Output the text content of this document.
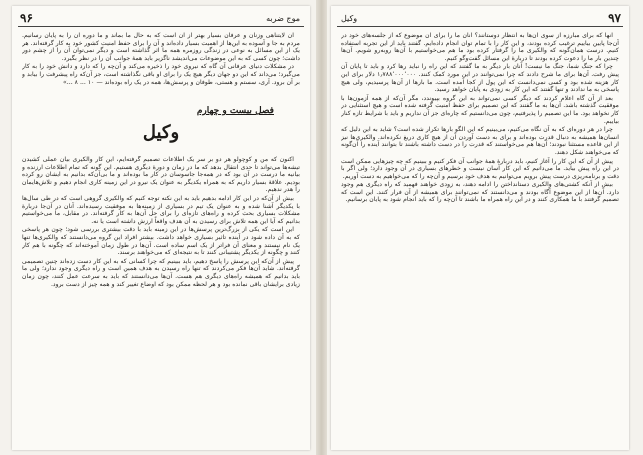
۹۶	موج ضربه

آن لایتناهی وزنان و عرفان بسیار بهتر از آن است که به حال ما بماند و ما دوره آن را به پایان رسانیم. مردم به جا و آسوده به این‌ها از اهمیت بسیار داده‌اند و آن را برای حفظ امنیت کشور خود به کار گرفته‌اند. هر یک از این مسائل به نوعی در زندگی روزمره همه ما اثر گذاشته است و دیگر نمی‌توان آن را از چشم دور داشت؛ چون کسی که به این موضوعات می‌اندیشد ناگزیر باید همهٔ جوانب آن را در نظر بگیرد.

در مشکلات دنیای عرفانی آن گاه که نیروی خود را ذخیره می‌کند و آن‌چه را که دارد و دانش خود را به کار می‌گیرد؛ می‌داند که این دو جهان دیگر هیچ یک را برای او باقی نگذاشته است، جز آن‌که راه پیشرفت را بیابد و بر آن برود. آری، سستم و هستی، طوفان و پرسش‌ها، همه در یک راه بوده‌اند — ۱۰ ... ۸ ...»

فصل بیست و چهارم
وکیل

اکنون که من و کوچولو هر دو بر سر یک اطلاعات تصمیم گرفته‌ایم، این کار والکیری بیان عملی کشیدن تیشه‌ها می‌تواند تا حدی انتقال بدهد که ما در زمان و دورهٔ دیگری هستیم. این گونه که تمام اطلاعات ارزنده و بیانیه ما درست در آن بود که در همه‌جا جاسوسان در کار ما بوده‌اند و ما بی‌آن‌که بدانیم به ایشان رو کرده بودیم. علاقهٔ بسیار داریم که به همراه یکدیگر به عنوان یک نیرو در این زمینه کاری انجام دهیم و تلاش‌هایمان را هدر ندهیم.

بیش از آن‌که در این کار ادامه بدهیم باید به این نکته توجه کنیم که والکیری گروهی است که در طی سال‌ها با یکدیگر آشنا شده و به عنوان یک تیم در بسیاری از زمینه‌ها به موفقیت رسیده‌اند. آنان در آن‌جا دربارهٔ مشکلات بسیاری بحث کرده و راه‌های تازه‌ای را برای حل آن‌ها به کار گرفته‌اند. در مقابل، ما می‌خواستیم بدانیم که آیا این همه تلاش برای رسیدن به آن هدف واقعاً ارزش داشته است یا نه.

این است که یکی از بزرگ‌ترین پرسش‌ها در این زمینه باید با دقت بیشتری بررسی شود؛ چون هر پاسخی که به آن داده شود در آینده تاثیر بسیاری خواهد داشت. بیشتر افراد این گروه می‌دانستند که والکیری‌ها تنها یک نام نیستند و معنای آن فراتر از یک اسم ساده است. آن‌ها در طول زمان آموخته‌اند که چگونه با هم کار کنند و چگونه از یکدیگر پشتیبانی کنند تا به نتیجه‌ای که می‌خواهند برسند.

پیش از آن‌که این پرسش را پاسخ دهیم، باید ببینیم که چرا کسانی که به این کار دست زده‌اند چنین تصمیمی گرفته‌اند. شاید آن‌ها فکر می‌کردند که تنها راه رسیدن به هدف همین است و راه دیگری وجود ندارد؛ ولی ما باید بدانیم که همیشه راه‌های دیگری هم هست. آن‌ها می‌دانستند که باید به سرعت عمل کنند، چون زمان زیادی برایشان باقی نمانده بود و هر لحظه ممکن بود که اوضاع تغییر کند و همه چیز از دست برود.

۹۷
وکیل

آنها که برای مبارزه از سوی آن‌ها به انتظار دوستانند؟ آنان ما را برای آن موضوع که از جلسه‌های خود در آن‌جا پایین بیاییم ترغیب کرده بودند، و این کار را با تمام توان انجام داده‌ایم. گفتند باید از این تجربه استفاده کنیم. درست همان‌گونه که والکیری ما را گرفتار کرده بود ما هم می‌خواستیم با آن‌ها روبه‌رو شویم. آن‌ها چندین بار ما را دعوت کرده بودند تا دربارهٔ این مسائل گفت‌وگو کنیم.

چرا که جنگ شما، جنگ ما نیست! آنان بار دیگر به ما گفتند که این راه را نباید رها کرد و باید تا پایان آن پیش رفت. آن‌ها برای ما شرح دادند که چرا نمی‌توانند در این مورد کمک کنند. ۱٫۷۸۸٬۰۰۰٬۰۰۰ دلار برای این کار هزینه شده بود و کسی نمی‌دانست که این پول از کجا آمده است. ما بارها از آن‌ها پرسیدیم، ولی هیچ پاسخی به ما ندادند و تنها گفتند که این کار به زودی به پایان خواهد رسید.

بعد از آن گاه اعلام کردند که دیگر کسی نمی‌تواند به این گروه بپیوندد، مگر آن‌که از همه آزمون‌ها با موفقیت گذشته باشد. آن‌ها به ما گفتند که این تصمیم برای حفظ امنیت گرفته شده است و هیچ استثنایی در کار نخواهد بود. ما این تصمیم را پذیرفتیم، چون می‌دانستیم که چاره‌ای جز آن نداریم و باید با شرایط تازه کنار بیاییم.

چرا در هر دوره‌ای که به آن نگاه می‌کنیم، می‌بینیم که این الگو بارها تکرار شده است؟ شاید به این دلیل که انسان‌ها همیشه به دنبال قدرت بوده‌اند و برای به دست آوردن آن از هیچ کاری دریغ نکرده‌اند. والکیری‌ها نیز از این قاعده مستثنا نبودند؛ آن‌ها هم می‌خواستند که قدرت را در دست داشته باشند تا بتوانند آینده را آن‌گونه که می‌خواهند شکل دهند.

پیش از آن که این کار را آغاز کنیم، باید دربارهٔ همهٔ جوانب آن فکر کنیم و ببینیم که چه چیزهایی ممکن است در این راه پیش بیاید. ما می‌دانیم که این کار آسان نیست و خطرهای بسیاری در آن وجود دارد؛ ولی اگر با دقت و برنامه‌ریزی درست پیش برویم می‌توانیم به هدف خود برسیم و آن‌چه را که می‌خواهیم به دست آوریم.

بیش از آنکه کشتی‌های والکیری دستانداختن را ادامه دهند، به زودی خواهند فهمید که راه دیگری هم وجود دارد. آن‌ها از این موضوع آگاه بودند و می‌دانستند که نمی‌توانند برای همیشه از آن فرار کنند. این است که تصمیم گرفتند با ما همکاری کنند و در این راه همراه ما باشند تا آن‌چه را که باید انجام شود به پایان برسانیم.
